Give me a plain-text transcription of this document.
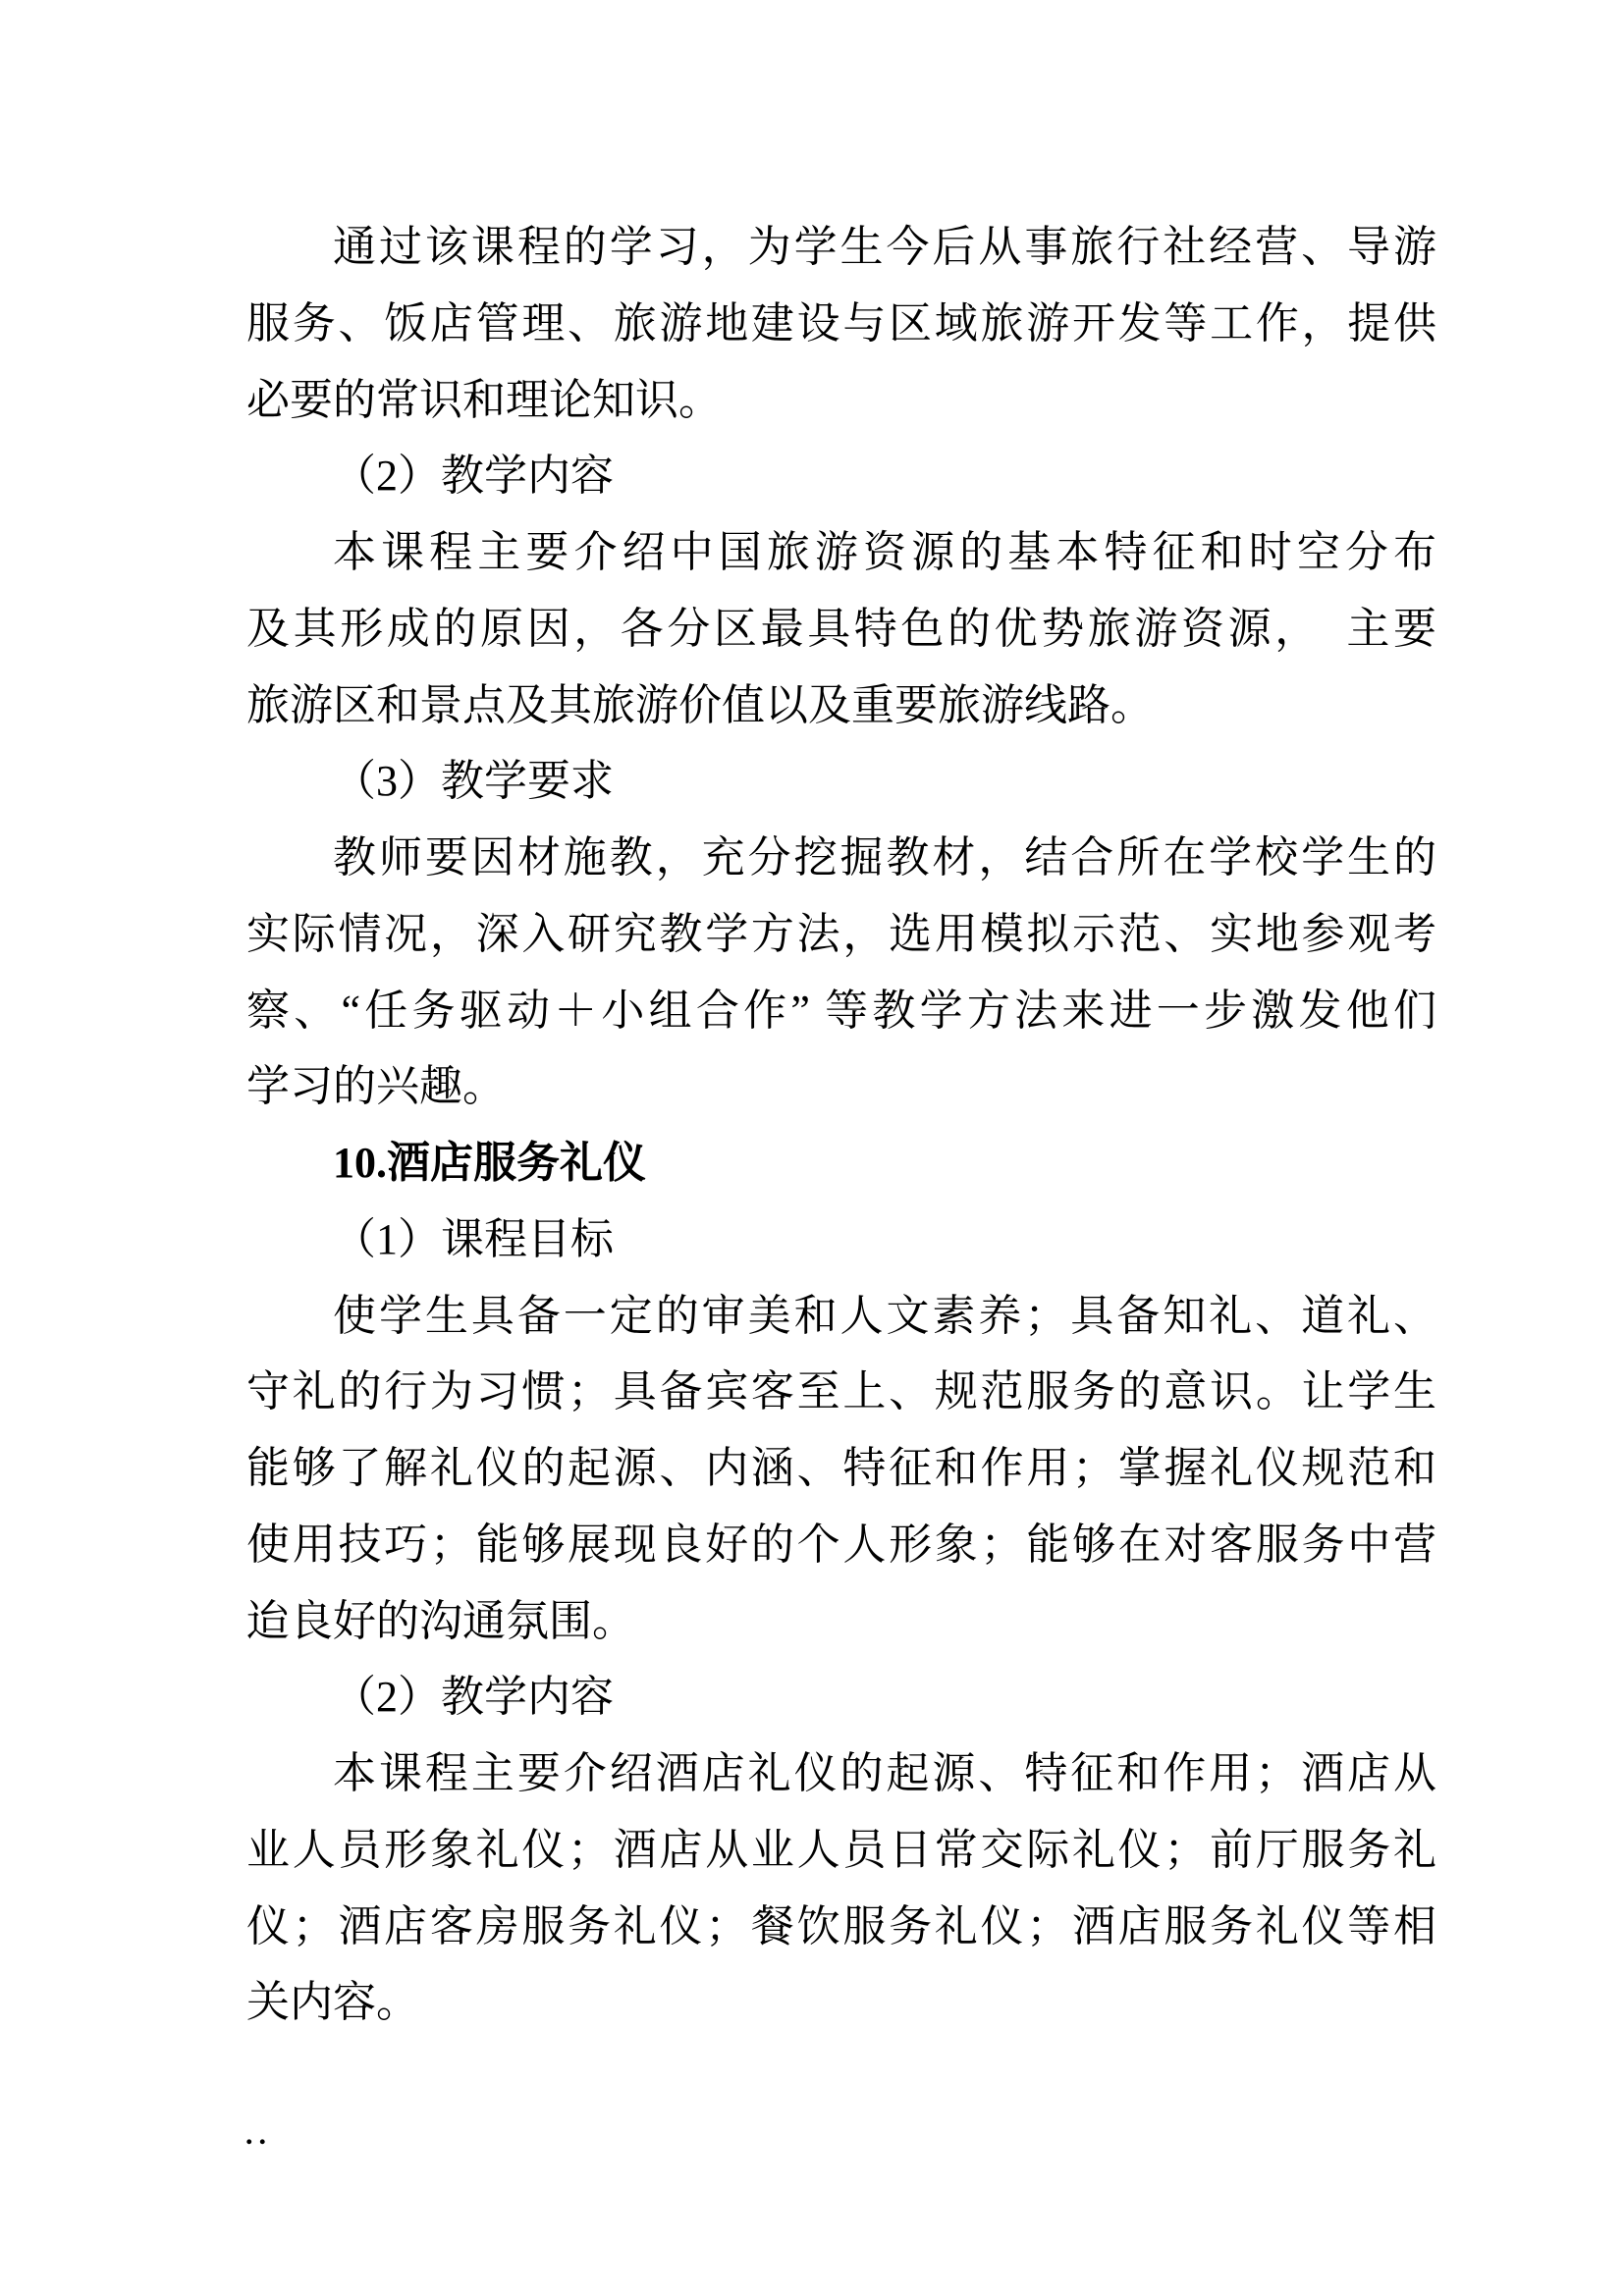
通过该课程的学习，为学生今后从事旅行社经营、导游
服务、饭店管理、旅游地建设与区域旅游开发等工作，提供
必要的常识和理论知识。
（2）教学内容
本课程主要介绍中国旅游资源的基本特征和时空分布
及其形成的原因，各分区最具特色的优势旅游资源，　主要
旅游区和景点及其旅游价值以及重要旅游线路。
（3）教学要求
教师要因材施教，充分挖掘教材，结合所在学校学生的
实际情况，深入研究教学方法，选用模拟示范、实地参观考
察、“任务驱动＋小组合作” 等教学方法来进一步激发他们
学习的兴趣。
10.酒店服务礼仪
（1）课程目标
使学生具备一定的审美和人文素养；具备知礼、道礼、
守礼的行为习惯；具备宾客至上、规范服务的意识。让学生
能够了解礼仪的起源、内涵、特征和作用；掌握礼仪规范和
使用技巧；能够展现良好的个人形象；能够在对客服务中营
迨良好的沟通氛围。
（2）教学内容
本课程主要介绍酒店礼仪的起源、特征和作用；酒店从
业人员形象礼仪；酒店从业人员日常交际礼仪；前厅服务礼
仪；酒店客房服务礼仪；餐饮服务礼仪；酒店服务礼仪等相
关内容。
..
